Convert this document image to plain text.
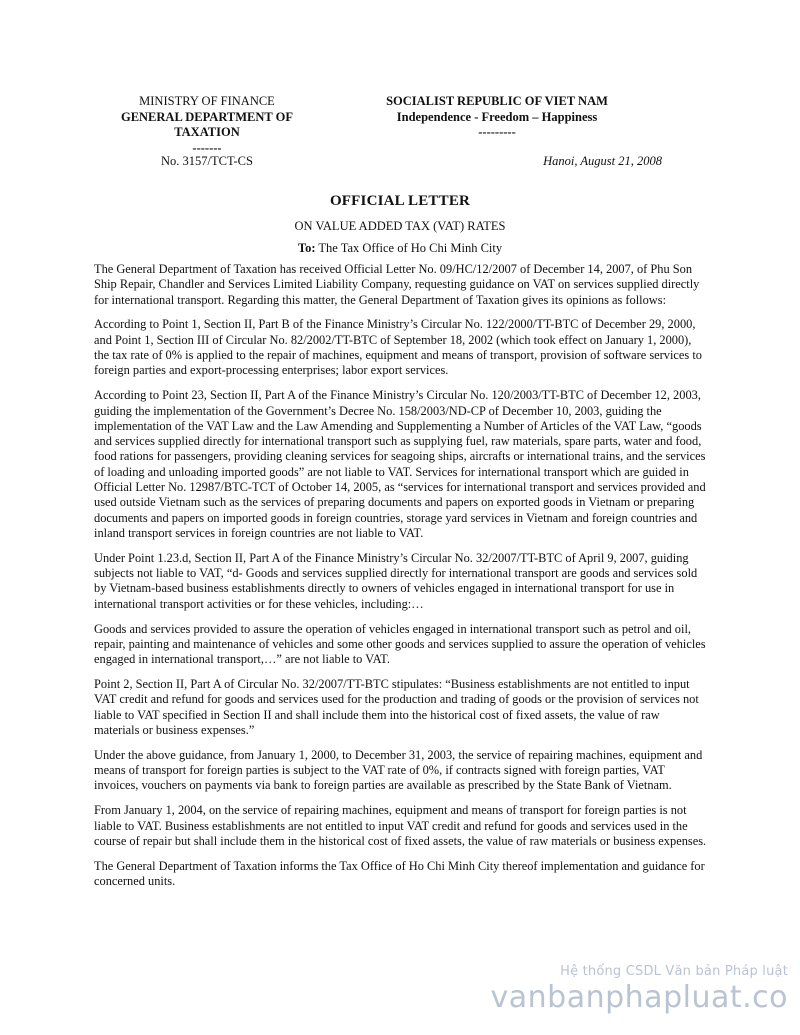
MINISTRY OF FINANCE
GENERAL DEPARTMENT OF
TAXATION
-------
SOCIALIST REPUBLIC OF VIET NAM
Independence - Freedom – Happiness
---------
No. 3157/TCT-CS	Hanoi, August 21, 2008
OFFICIAL LETTER
ON VALUE ADDED TAX (VAT) RATES
To: The Tax Office of Ho Chi Minh City

The General Department of Taxation has received Official Letter No. 09/HC/12/2007 of December 14, 2007, of Phu Son Ship Repair, Chandler and Services Limited Liability Company, requesting guidance on VAT on services supplied directly for international transport. Regarding this matter, the General Department of Taxation gives its opinions as follows:

According to Point 1, Section II, Part B of the Finance Ministry’s Circular No. 122/2000/TT-BTC of December 29, 2000, and Point 1, Section III of Circular No. 82/2002/TT-BTC of September 18, 2002 (which took effect on January 1, 2000), the tax rate of 0% is applied to the repair of machines, equipment and means of transport, provision of software services to foreign parties and export-processing enterprises; labor export services.

According to Point 23, Section II, Part A of the Finance Ministry’s Circular No. 120/2003/TT-BTC of December 12, 2003, guiding the implementation of the Government’s Decree No. 158/2003/ND-CP of December 10, 2003, guiding the implementation of the VAT Law and the Law Amending and Supplementing a Number of Articles of the VAT Law, “goods and services supplied directly for international transport such as supplying fuel, raw materials, spare parts, water and food, food rations for passengers, providing cleaning services for seagoing ships, aircrafts or international trains, and the services of loading and unloading imported goods” are not liable to VAT. Services for international transport which are guided in Official Letter No. 12987/BTC-TCT of October 14, 2005, as “services for international transport and services provided and used outside Vietnam such as the services of preparing documents and papers on exported goods in Vietnam or preparing documents and papers on imported goods in foreign countries, storage yard services in Vietnam and foreign countries and inland transport services in foreign countries are not liable to VAT.

Under Point 1.23.d, Section II, Part A of the Finance Ministry’s Circular No. 32/2007/TT-BTC of April 9, 2007, guiding subjects not liable to VAT, “d- Goods and services supplied directly for international transport are goods and services sold by Vietnam-based business establishments directly to owners of vehicles engaged in international transport for use in international transport activities or for these vehicles, including:…

Goods and services provided to assure the operation of vehicles engaged in international transport such as petrol and oil, repair, painting and maintenance of vehicles and some other goods and services supplied to assure the operation of vehicles engaged in international transport,…” are not liable to VAT.

Point 2, Section II, Part A of Circular No. 32/2007/TT-BTC stipulates: “Business establishments are not entitled to input VAT credit and refund for goods and services used for the production and trading of goods or the provision of services not liable to VAT specified in Section II and shall include them into the historical cost of fixed assets, the value of raw materials or business expenses.”

Under the above guidance, from January 1, 2000, to December 31, 2003, the service of repairing machines, equipment and means of transport for foreign parties is subject to the VAT rate of 0%, if contracts signed with foreign parties, VAT invoices, vouchers on payments via bank to foreign parties are available as prescribed by the State Bank of Vietnam.

From January 1, 2004, on the service of repairing machines, equipment and means of transport for foreign parties is not liable to VAT. Business establishments are not entitled to input VAT credit and refund for goods and services used in the course of repair but shall include them in the historical cost of fixed assets, the value of raw materials or business expenses.

The General Department of Taxation informs the Tax Office of Ho Chi Minh City thereof implementation and guidance for concerned units.

Hệ thống CSDL Văn bản Pháp luật
vanbanphapluat.co
